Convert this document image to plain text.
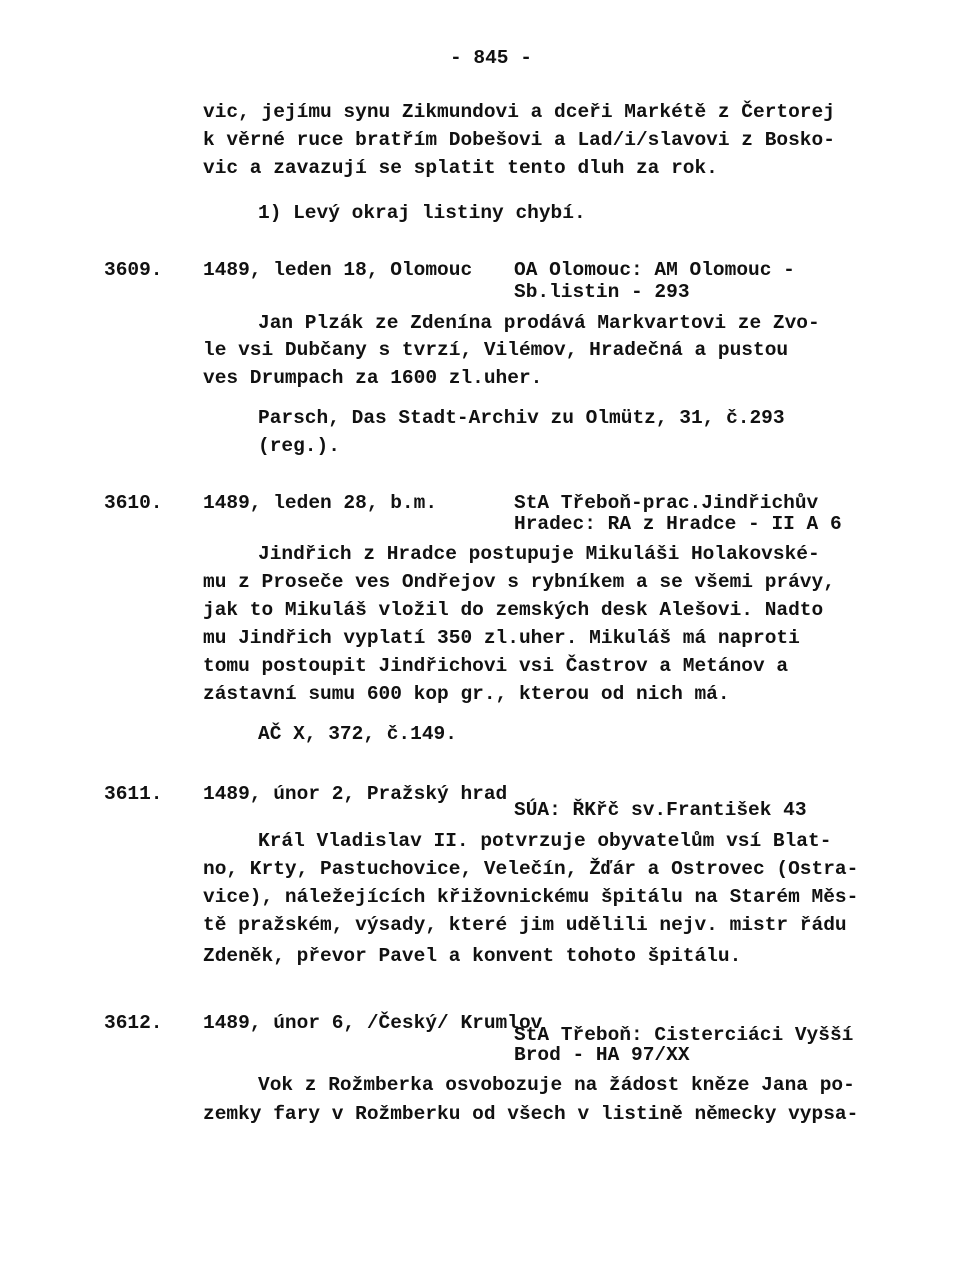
- 845 -
vic, jejímu synu Zikmundovi a dceři Markétě z Čertorej
k věrné ruce bratřím Dobešovi a Lad/i/slavovi z Bosko-
vic a zavazují se splatit tento dluh za rok.
1) Levý okraj listiny chybí.
3609. 1489, leden 18, Olomouc OA Olomouc: AM Olomouc -
Sb.listin - 293
Jan Plzák ze Zdenína prodává Markvartovi ze Zvo-
le vsi Dubčany s tvrzí, Vilémov, Hradečná a pustou
ves Drumpach za 1600 zl.uher.
Parsch, Das Stadt-Archiv zu Olmütz, 31, č.293
(reg.).
3610. 1489, leden 28, b.m.	StA Třeboň-prac.Jindřichův
Hradec: RA z Hradce - II A 6
Jindřich z Hradce postupuje Mikuláši Holakovské-
mu z Proseče ves Ondřejov s rybníkem a se všemi právy,
jak to Mikuláš vložil do zemských desk Alešovi. Nadto
mu Jindřich vyplatí 350 zl.uher. Mikuláš má naproti
tomu postoupit Jindřichovi vsi Častrov a Metánov a
zástavní sumu 600 kop gr., kterou od nich má.
AČ X, 372, č.149.
3611. 1489, únor 2, Pražský hrad
SÚA: ŘKřč sv.František 43
Král Vladislav II. potvrzuje obyvatelům vsí Blat-
no, Krty, Pastuchovice, Velečín, Žďár a Ostrovec (Ostra-
vice), náležejících křižovnickému špitálu na Starém Měs-
tě pražském, výsady, které jim udělili nejv. mistr řádu
Zdeněk, převor Pavel a konvent tohoto špitálu.
3612. 1489, únor 6, /Český/ Krumlov
StA Třeboň: Cisterciáci Vyšší
Brod - HA 97/XX
Vok z Rožmberka osvobozuje na žádost kněze Jana po-
zemky fary v Rožmberku od všech v listině německy vypsa-
